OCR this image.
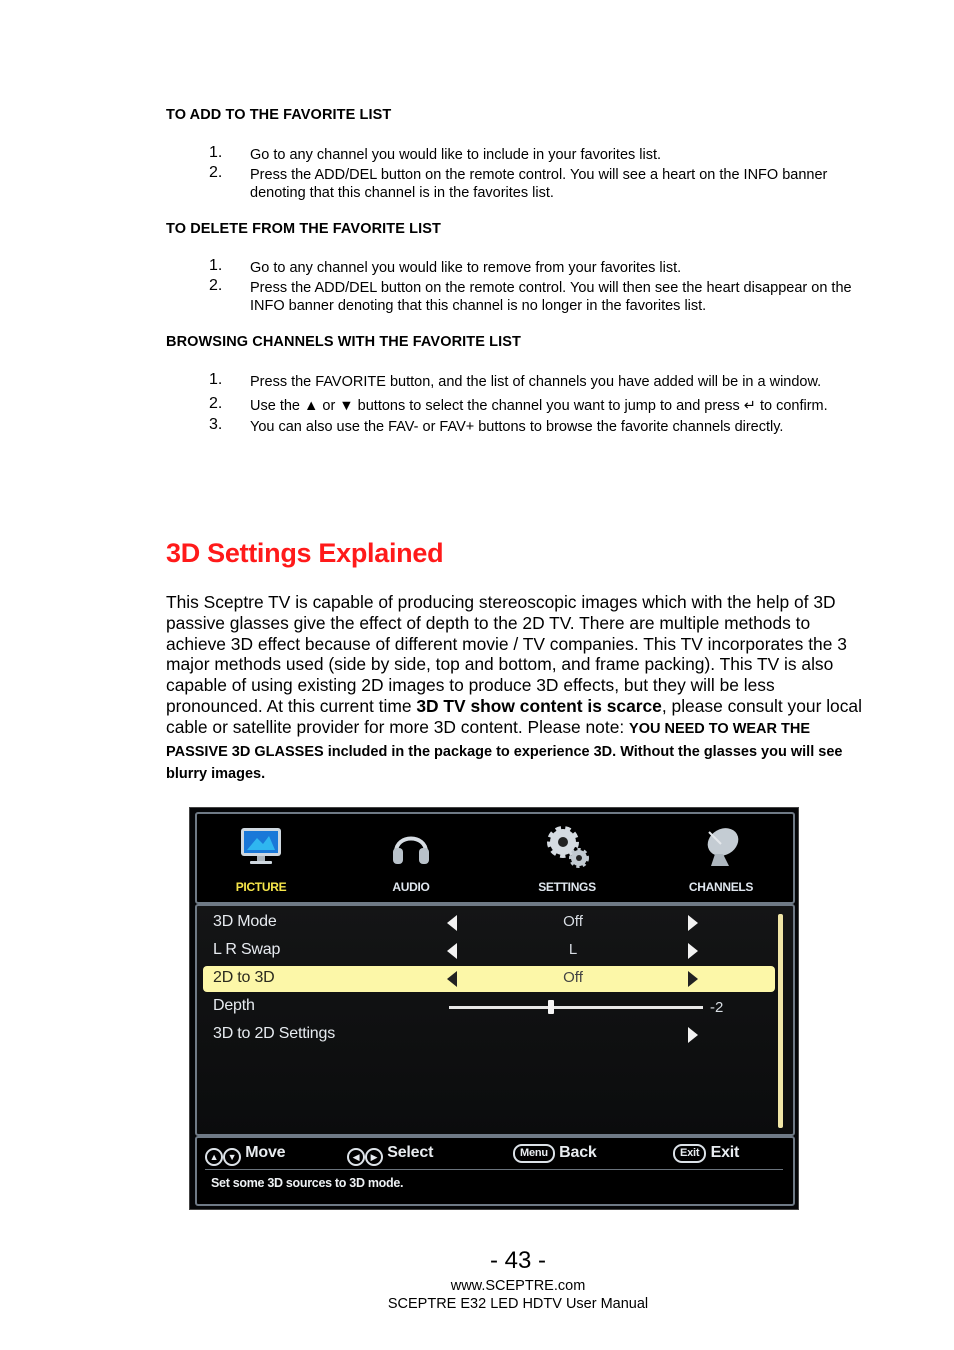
TO ADD TO THE FAVORITE LIST
1. Go to any channel you would like to include in your favorites list.
2. Press the ADD/DEL button on the remote control. You will see a heart on the INFO banner denoting that this channel is in the favorites list.
TO DELETE FROM THE FAVORITE LIST
1. Go to any channel you would like to remove from your favorites list.
2. Press the ADD/DEL button on the remote control. You will then see the heart disappear on the INFO banner denoting that this channel is no longer in the favorites list.
BROWSING CHANNELS WITH THE FAVORITE LIST
1. Press the FAVORITE button, and the list of channels you have added will be in a window.
2. Use the ▲ or ▼ buttons to select the channel you want to jump to and press ↵ to confirm.
3. You can also use the FAV- or FAV+ buttons to browse the favorite channels directly.
3D Settings Explained
This Sceptre TV is capable of producing stereoscopic images which with the help of 3D passive glasses give the effect of depth to the 2D TV. There are multiple methods to achieve 3D effect because of different movie / TV companies. This TV incorporates the 3 major methods used (side by side, top and bottom, and frame packing). This TV is also capable of using existing 2D images to produce 3D effects, but they will be less pronounced. At this current time 3D TV show content is scarce, please consult your local cable or satellite provider for more 3D content. Please note: YOU NEED TO WEAR THE PASSIVE 3D GLASSES included in the package to experience 3D. Without the glasses you will see blurry images.
PICTURE	AUDIO	SETTINGS	CHANNELS
3D Mode	Off
L R Swap	L
2D to 3D	Off
Depth	-2
3D to 2D Settings
▲ ▼ Move	◀ ▶ Select	Menu Back	Exit Exit
Set some 3D sources to 3D mode.
- 43 -
www.SCEPTRE.com
SCEPTRE E32 LED HDTV User Manual
